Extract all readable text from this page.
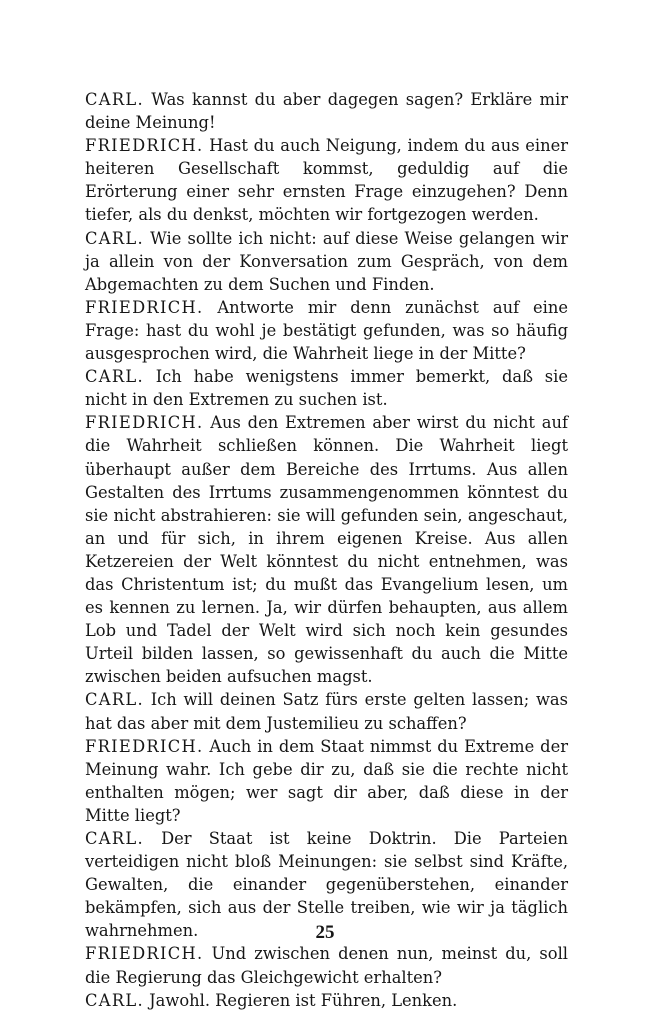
CARL. Was kannst du aber dagegen sagen? Erkläre mir deine Meinung!

FRIEDRICH. Hast du auch Neigung, indem du aus einer heiteren Gesellschaft kommst, geduldig auf die Erörterung einer sehr ernsten Frage einzugehen? Denn tiefer, als du denkst, möchten wir fortgezogen werden.

CARL. Wie sollte ich nicht: auf diese Weise gelangen wir ja allein von der Konversation zum Gespräch, von dem Abgemachten zu dem Suchen und Finden.

FRIEDRICH. Antworte mir denn zunächst auf eine Frage: hast du wohl je bestätigt gefunden, was so häufig ausgesprochen wird, die Wahrheit liege in der Mitte?

CARL. Ich habe wenigstens immer bemerkt, daß sie nicht in den Extremen zu suchen ist.

FRIEDRICH. Aus den Extremen aber wirst du nicht auf die Wahrheit schließen können. Die Wahrheit liegt überhaupt außer dem Bereiche des Irrtums. Aus allen Gestalten des Irrtums zusammengenommen könntest du sie nicht abstrahieren: sie will gefunden sein, angeschaut, an und für sich, in ihrem eigenen Kreise. Aus allen Ketzereien der Welt könntest du nicht entnehmen, was das Christentum ist; du mußt das Evangelium lesen, um es kennen zu lernen. Ja, wir dürfen behaupten, aus allem Lob und Tadel der Welt wird sich noch kein gesundes Urteil bilden lassen, so gewissenhaft du auch die Mitte zwischen beiden aufsuchen magst.

CARL. Ich will deinen Satz fürs erste gelten lassen; was hat das aber mit dem Justemilieu zu schaffen?

FRIEDRICH. Auch in dem Staat nimmst du Extreme der Meinung wahr. Ich gebe dir zu, daß sie die rechte nicht enthalten mögen; wer sagt dir aber, daß diese in der Mitte liegt?

CARL. Der Staat ist keine Doktrin. Die Parteien verteidigen nicht bloß Meinungen: sie selbst sind Kräfte, Gewalten, die einander gegenüberstehen, einander bekämpfen, sich aus der Stelle treiben, wie wir ja täglich wahrnehmen.

FRIEDRICH. Und zwischen denen nun, meinst du, soll die Regierung das Gleichgewicht erhalten?

CARL. Jawohl. Regieren ist Führen, Lenken.

25
